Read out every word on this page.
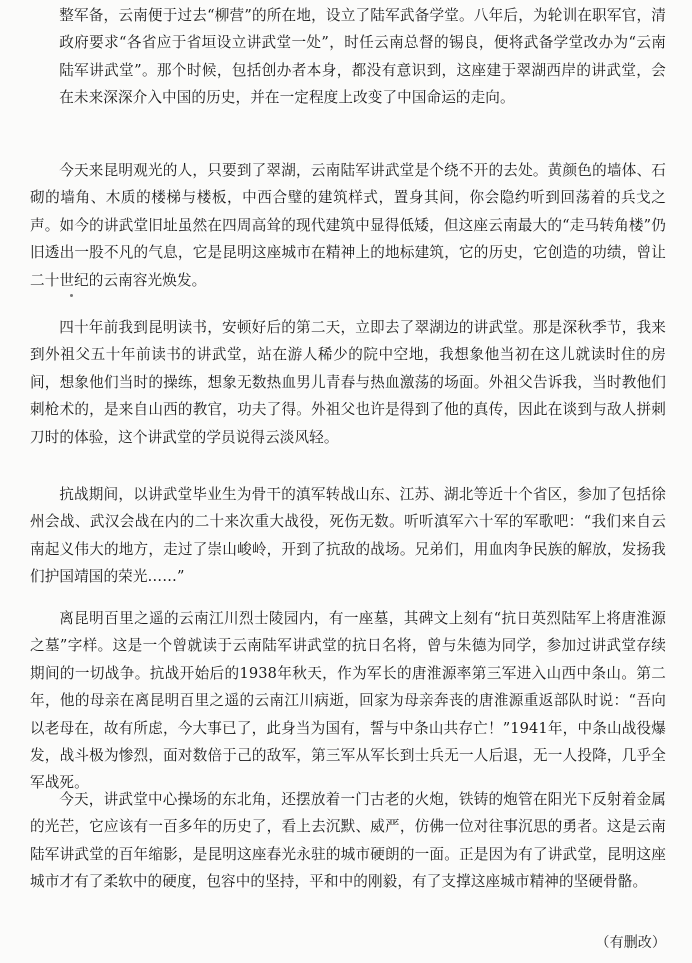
整军备，云南便于过去“柳营”的所在地，设立了陆军武备学堂。八年后，为轮训在职军官，清政府要求“各省应于省垣设立讲武堂一处”，时任云南总督的锡良，便将武备学堂改办为“云南陆军讲武堂”。那个时候，包括创办者本身，都没有意识到，这座建于翠湖西岸的讲武堂，会在未来深深介入中国的历史，并在一定程度上改变了中国命运的走向。

今天来昆明观光的人，只要到了翠湖，云南陆军讲武堂是个绕不开的去处。黄颜色的墙体、石砌的墙角、木质的楼梯与楼板，中西合璧的建筑样式，置身其间，你会隐约听到回荡着的兵戈之声。如今的讲武堂旧址虽然在四周高耸的现代建筑中显得低矮，但这座云南最大的“走马转角楼”仍旧透出一股不凡的气息，它是昆明这座城市在精神上的地标建筑，它的历史，它创造的功绩，曾让二十世纪的云南容光焕发。

四十年前我到昆明读书，安顿好后的第二天，立即去了翠湖边的讲武堂。那是深秋季节，我来到外祖父五十年前读书的讲武堂，站在游人稀少的院中空地，我想象他当初在这儿就读时住的房间，想象他们当时的操练，想象无数热血男儿青春与热血激荡的场面。外祖父告诉我，当时教他们刺枪术的，是来自山西的教官，功夫了得。外祖父也许是得到了他的真传，因此在谈到与敌人拼刺刀时的体验，这个讲武堂的学员说得云淡风轻。

抗战期间，以讲武堂毕业生为骨干的滇军转战山东、江苏、湖北等近十个省区，参加了包括徐州会战、武汉会战在内的二十来次重大战役，死伤无数。听听滇军六十军的军歌吧：“我们来自云南起义伟大的地方，走过了崇山峻岭，开到了抗敌的战场。兄弟们，用血肉争民族的解放，发扬我们护国靖国的荣光……”

离昆明百里之遥的云南江川烈士陵园内，有一座墓，其碑文上刻有“抗日英烈陆军上将唐淮源之墓”字样。这是一个曾就读于云南陆军讲武堂的抗日名将，曾与朱德为同学，参加过讲武堂存续期间的一切战争。抗战开始后的1938年秋天，作为军长的唐淮源率第三军进入山西中条山。第二年，他的母亲在离昆明百里之遥的云南江川病逝，回家为母亲奔丧的唐淮源重返部队时说：“吾向以老母在，故有所虑，今大事已了，此身当为国有，誓与中条山共存亡！”1941年，中条山战役爆发，战斗极为惨烈，面对数倍于己的敌军，第三军从军长到士兵无一人后退，无一人投降，几乎全军战死。

今天，讲武堂中心操场的东北角，还摆放着一门古老的火炮，铁铸的炮管在阳光下反射着金属的光芒，它应该有一百多年的历史了，看上去沉默、威严，仿佛一位对往事沉思的勇者。这是云南陆军讲武堂的百年缩影，是昆明这座春光永驻的城市硬朗的一面。正是因为有了讲武堂，昆明这座城市才有了柔软中的硬度，包容中的坚持，平和中的刚毅，有了支撑这座城市精神的坚硬骨骼。

（有删改）
